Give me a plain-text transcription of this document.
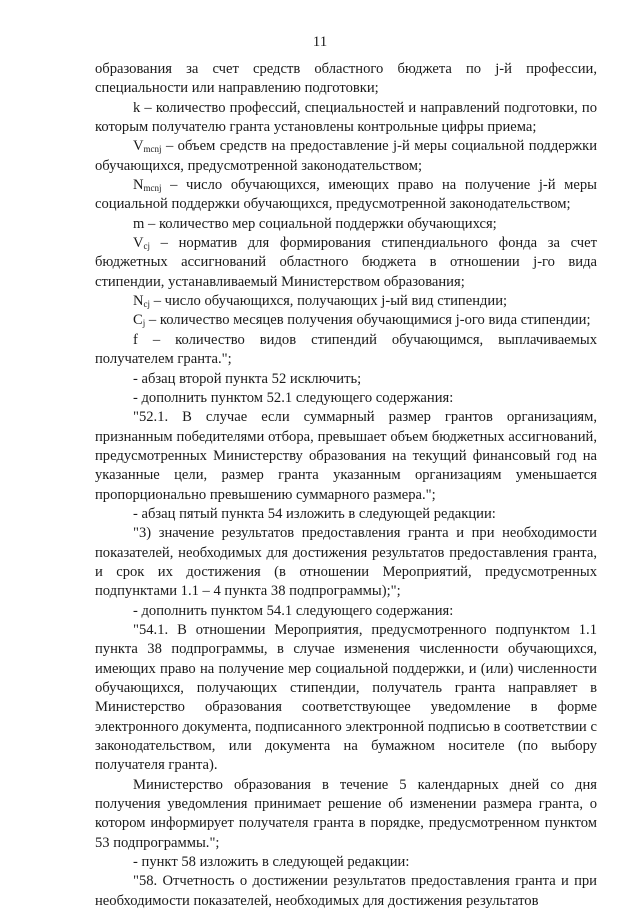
11

образования за счет средств областного бюджета по j-й профессии, специальности или направлению подготовки;

k – количество профессий, специальностей и направлений подготовки, по которым получателю гранта установлены контрольные цифры приема;

$V_{mcnj}$ – объем средств на предоставление j-й меры социальной поддержки обучающихся, предусмотренной законодательством;

$N_{mcnj}$ – число обучающихся, имеющих право на получение j-й меры социальной поддержки обучающихся, предусмотренной законодательством;

m – количество мер социальной поддержки обучающихся;

$V_{cj}$ – норматив для формирования стипендиального фонда за счет бюджетных ассигнований областного бюджета в отношении j-го вида стипендии, устанавливаемый Министерством образования;

$N_{cj}$ – число обучающихся, получающих j-ый вид стипендии;

$C_j$ – количество месяцев получения обучающимися j-ого вида стипендии;

f – количество видов стипендий обучающимся, выплачиваемых получателем гранта.";

- абзац второй пункта 52 исключить;

- дополнить пунктом 52.1 следующего содержания:

"52.1. В случае если суммарный размер грантов организациям, признанным победителями отбора, превышает объем бюджетных ассигнований, предусмотренных Министерству образования на текущий финансовый год на указанные цели, размер гранта указанным организациям уменьшается пропорционально превышению суммарного размера.";

- абзац пятый пункта 54 изложить в следующей редакции:

"3) значение результатов предоставления гранта и при необходимости показателей, необходимых для достижения результатов предоставления гранта, и срок их достижения (в отношении Мероприятий, предусмотренных подпунктами 1.1 – 4 пункта 38 подпрограммы);";

- дополнить пунктом 54.1 следующего содержания:

"54.1. В отношении Мероприятия, предусмотренного подпунктом 1.1 пункта 38 подпрограммы, в случае изменения численности обучающихся, имеющих право на получение мер социальной поддержки, и (или) численности обучающихся, получающих стипендии, получатель гранта направляет в Министерство образования соответствующее уведомление в форме электронного документа, подписанного электронной подписью в соответствии с законодательством, или документа на бумажном носителе (по выбору получателя гранта).

Министерство образования в течение 5 календарных дней со дня получения уведомления принимает решение об изменении размера гранта, о котором информирует получателя гранта в порядке, предусмотренном пунктом 53 подпрограммы.";

- пункт 58 изложить в следующей редакции:

"58. Отчетность о достижении результатов предоставления гранта и при необходимости показателей, необходимых для достижения результатов
